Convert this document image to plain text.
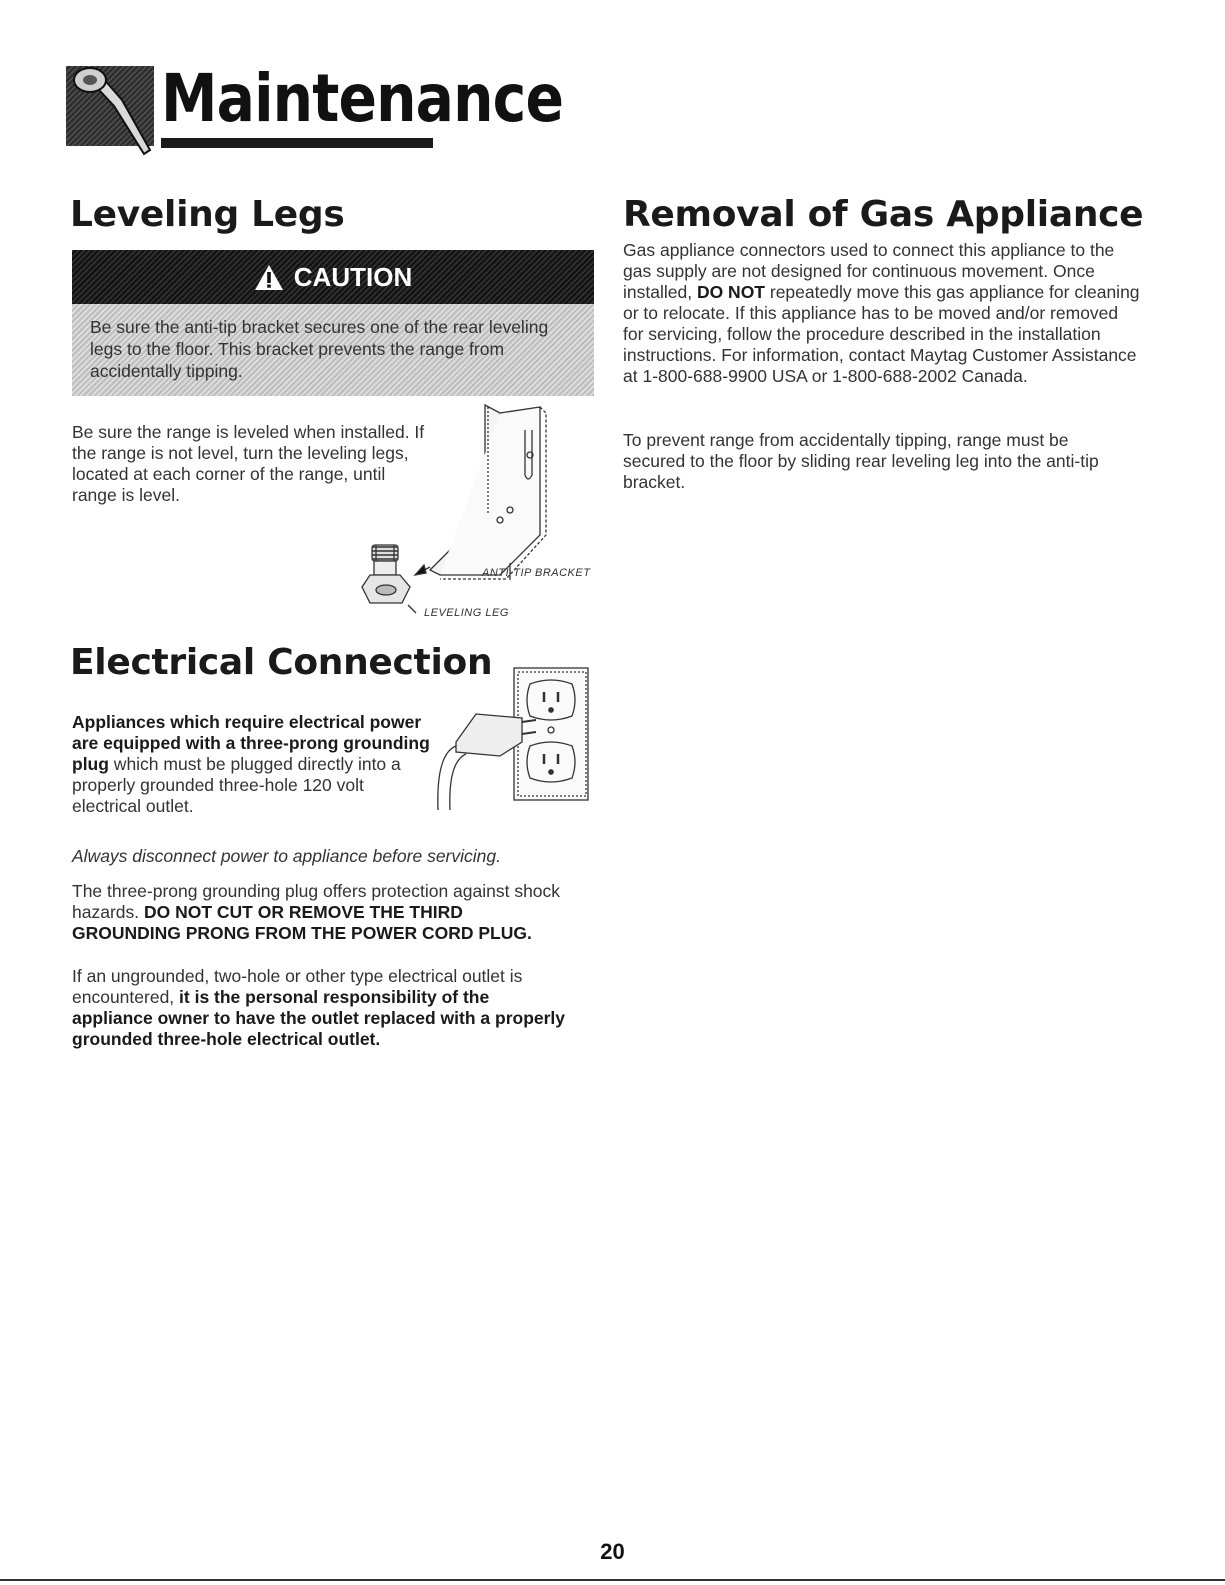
Maintenance
Leveling Legs
CAUTION

Be sure the anti-tip bracket secures one of the rear leveling legs to the floor. This bracket prevents the range from accidentally tipping.

Be sure the range is leveled when installed. If
the range is not level, turn the leveling legs,
located at each corner of the range, until
range is level.

ANTI-TIP BRACKET
LEVELING LEG
Electrical Connection

Appliances which require electrical power are equipped with a three-prong grounding plug which must be plugged directly into a properly grounded three-hole 120 volt electrical outlet.

Always disconnect power to appliance before servicing.

The three-prong grounding plug offers protection against shock hazards. DO NOT CUT OR REMOVE THE THIRD GROUNDING PRONG FROM THE POWER CORD PLUG.

If an ungrounded, two-hole or other type electrical outlet is encountered, it is the personal responsibility of the appliance owner to have the outlet replaced with a properly grounded three-hole electrical outlet.

Removal of Gas Appliance

Gas appliance connectors used to connect this appliance to the gas supply are not designed for continuous movement. Once installed, DO NOT repeatedly move this gas appliance for cleaning or to relocate. If this appliance has to be moved and/or removed for servicing, follow the procedure described in the installation instructions. For information, contact Maytag Customer Assistance at 1-800-688-9900 USA or 1-800-688-2002 Canada.

To prevent range from accidentally tipping, range must be secured to the floor by sliding rear leveling leg into the anti-tip bracket.

20
